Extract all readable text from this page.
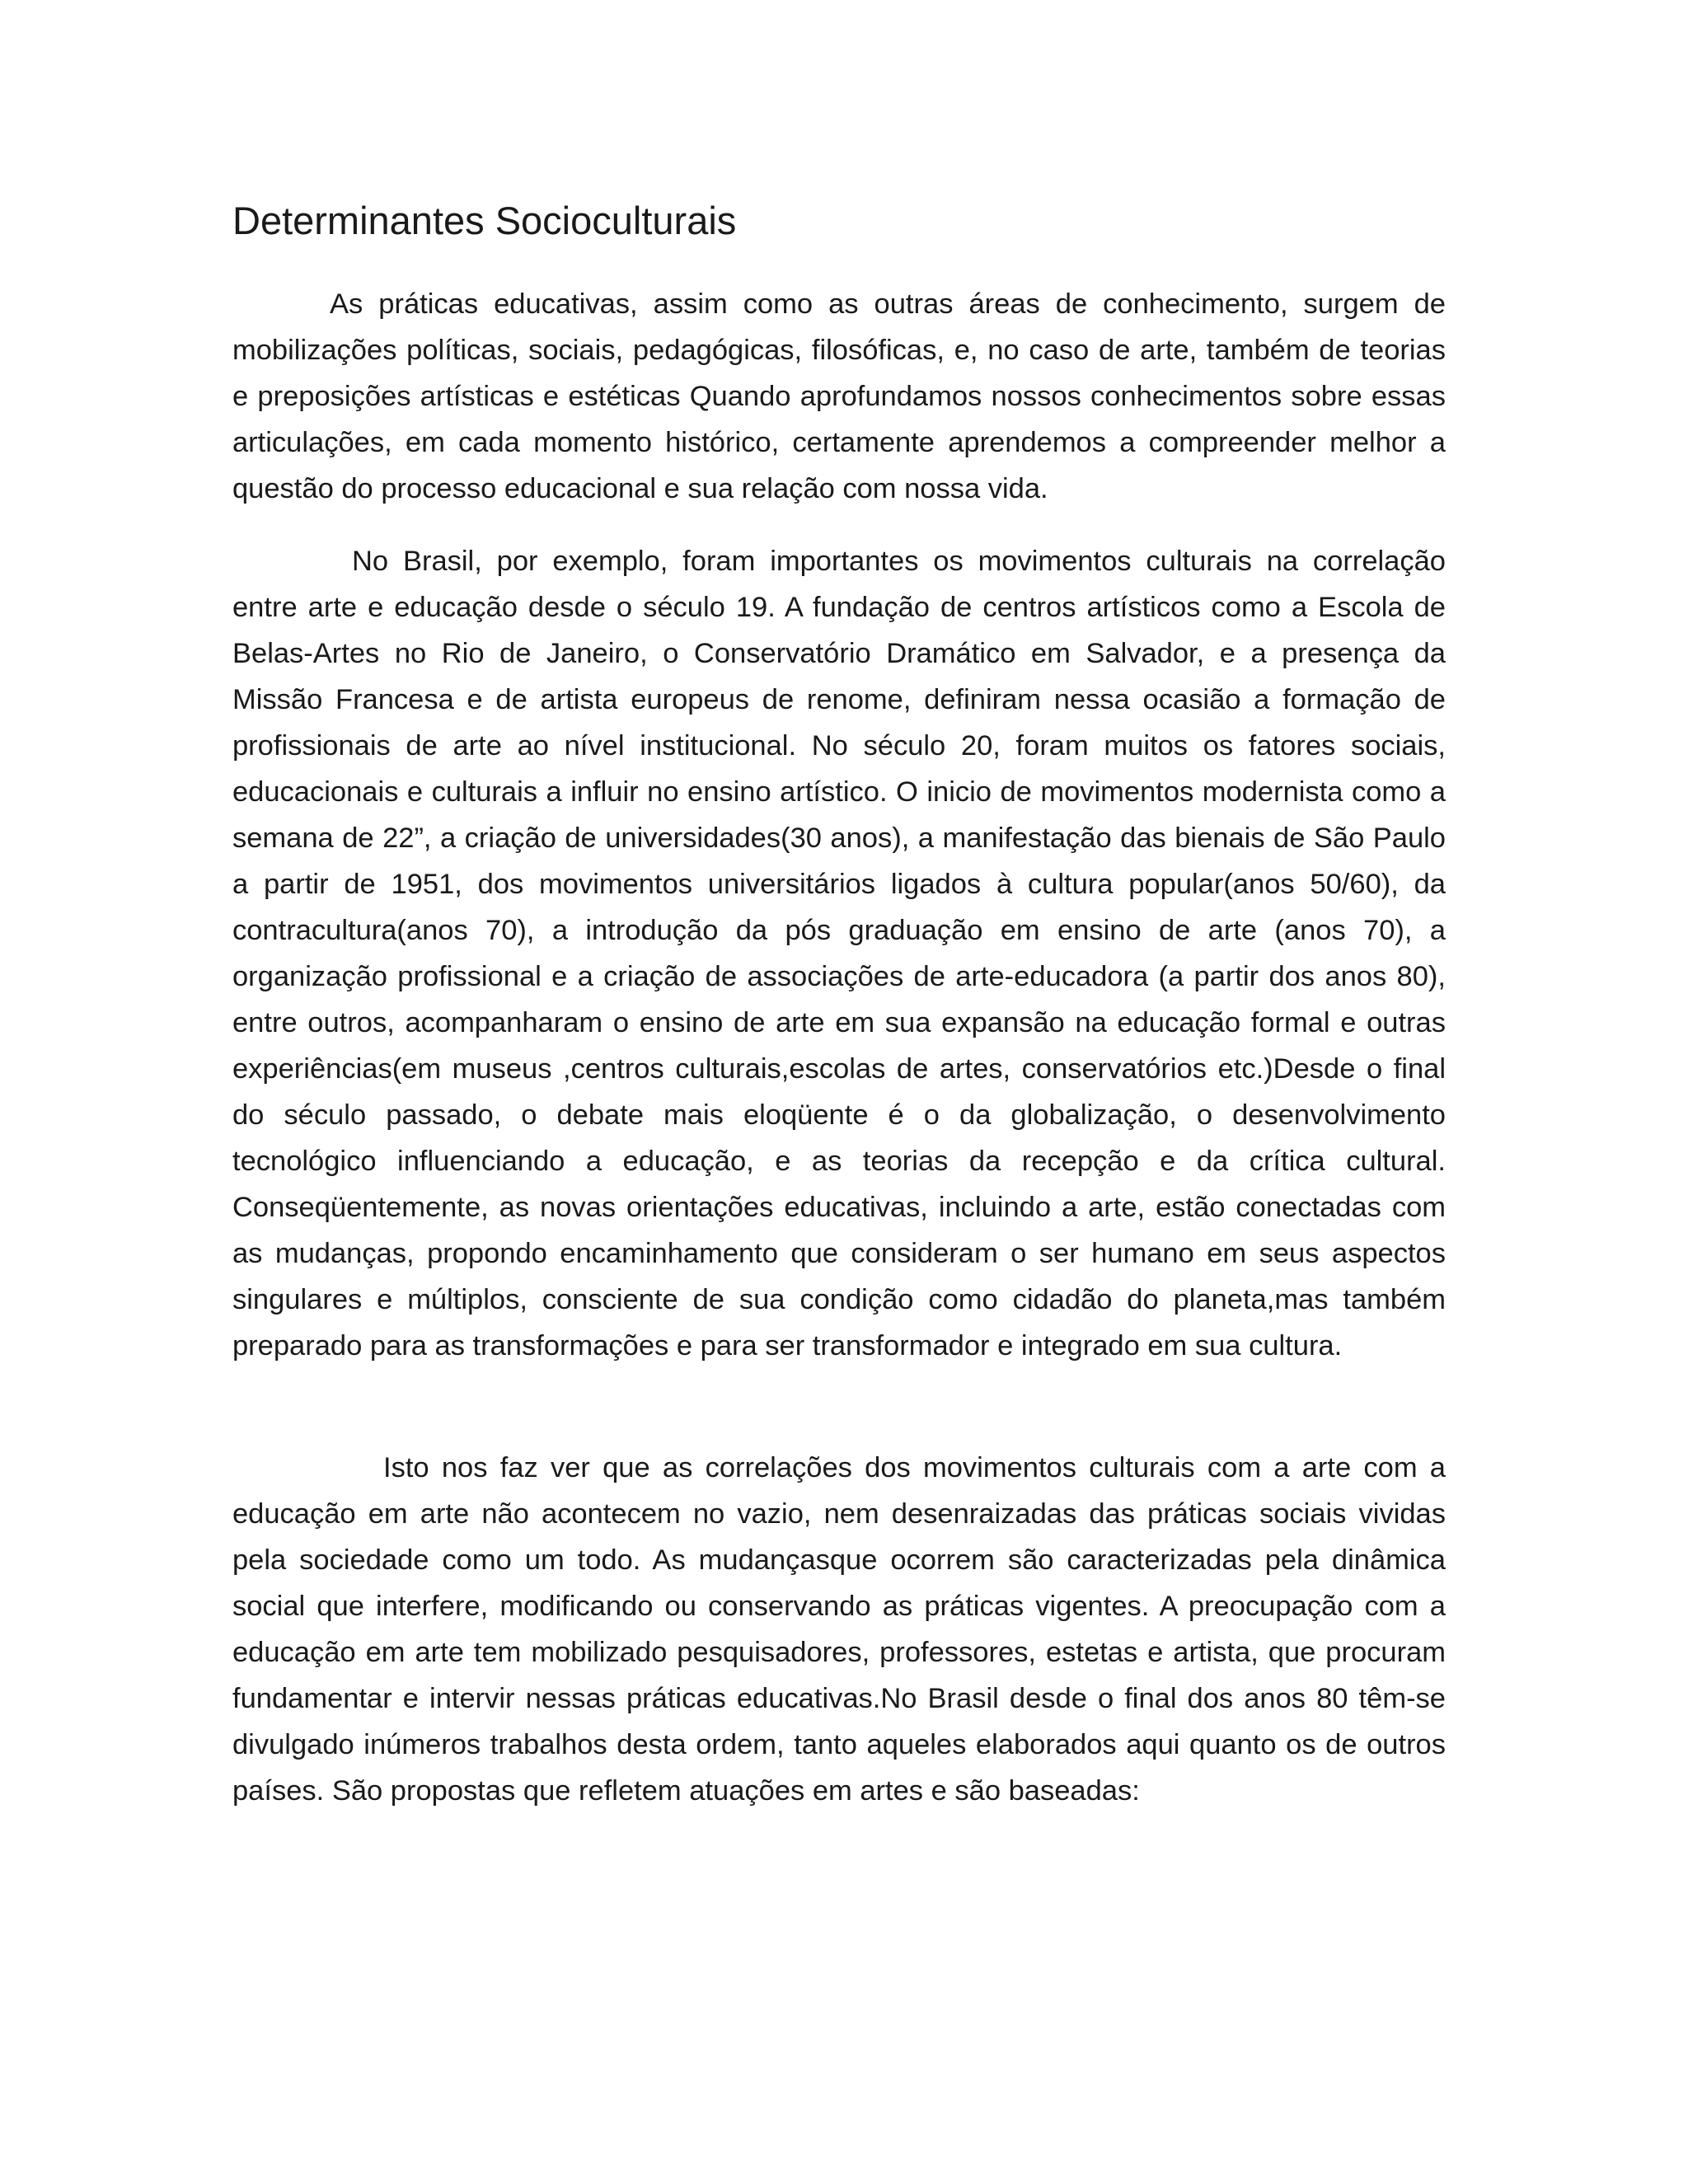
Determinantes Socioculturais

As práticas educativas, assim como as outras áreas de conhecimento, surgem de mobilizações políticas, sociais, pedagógicas, filosóficas, e, no caso de arte, também de teorias e preposições artísticas e estéticas Quando aprofundamos nossos conhecimentos sobre essas articulações, em cada momento histórico, certamente aprendemos a compreender melhor a questão do processo educacional e sua relação com nossa vida.

No Brasil, por exemplo, foram importantes os movimentos culturais na correlação entre arte e educação desde o século 19. A fundação de centros artísticos como a Escola de Belas-Artes no Rio de Janeiro, o Conservatório Dramático em Salvador, e a presença da Missão Francesa e de artista europeus de renome, definiram nessa ocasião a formação de profissionais de arte ao nível institucional. No século 20, foram muitos os fatores sociais, educacionais e culturais a influir no ensino artístico. O inicio de movimentos modernista como a semana de 22”, a criação de universidades(30 anos), a manifestação das bienais de São Paulo a partir de 1951, dos movimentos universitários ligados à cultura popular(anos 50/60), da contracultura(anos 70), a introdução da pós graduação em ensino de arte (anos 70), a organização profissional e a criação de associações de arte-educadora (a partir dos anos 80), entre outros, acompanharam o ensino de arte em sua expansão na educação formal e outras experiências(em museus ,centros culturais,escolas de artes, conservatórios etc.)Desde o final do século passado, o debate mais eloqüente é o da globalização, o desenvolvimento tecnológico influenciando a educação, e as teorias da recepção e da crítica cultural. Conseqüentemente, as novas orientações educativas, incluindo a arte, estão conectadas com as mudanças, propondo encaminhamento que consideram o ser humano em seus aspectos singulares e múltiplos, consciente de sua condição como cidadão do planeta,mas também preparado para as transformações e para ser transformador e integrado em sua cultura.

Isto nos faz ver que as correlações dos movimentos culturais com a arte com a educação em arte não acontecem no vazio, nem desenraizadas das práticas sociais vividas pela sociedade como um todo. As mudançasque ocorrem são caracterizadas pela dinâmica social que interfere, modificando ou conservando as práticas vigentes. A preocupação com a educação em arte tem mobilizado pesquisadores, professores, estetas e artista, que procuram fundamentar e intervir nessas práticas educativas.No Brasil desde o final dos anos 80 têm-se divulgado inúmeros trabalhos desta ordem, tanto aqueles elaborados aqui quanto os de outros países. São propostas que refletem atuações em artes e são baseadas:
